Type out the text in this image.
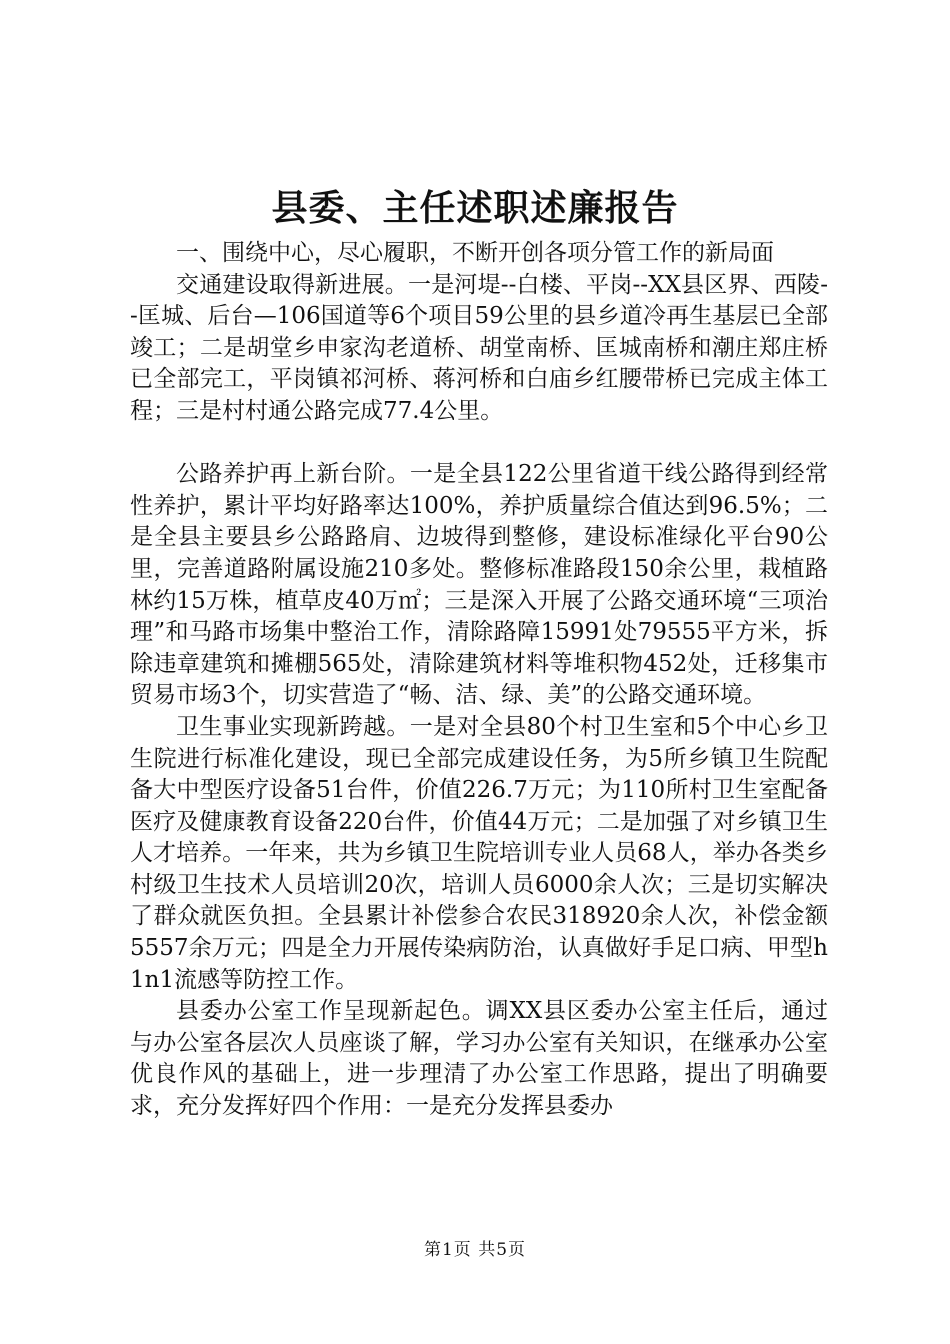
县委、主任述职述廉报告

一、围绕中心，尽心履职，不断开创各项分管工作的新局面

交通建设取得新进展。一是河堤--白楼、平岗--XX县区界、西陵--匡城、后台—106国道等6个项目59公里的县乡道冷再生基层已全部竣工；二是胡堂乡申家沟老道桥、胡堂南桥、匡城南桥和潮庄郑庄桥已全部完工，平岗镇祁河桥、蒋河桥和白庙乡红腰带桥已完成主体工程；三是村村通公路完成77.4公里。

公路养护再上新台阶。一是全县122公里省道干线公路得到经常性养护，累计平均好路率达100%，养护质量综合值达到96.5%；二是全县主要县乡公路路肩、边坡得到整修，建设标准绿化平台90公里，完善道路附属设施210多处。整修标准路段150余公里，栽植路林约15万株，植草皮40万㎡；三是深入开展了公路交通环境“三项治理”和马路市场集中整治工作，清除路障15991处79555平方米，拆除违章建筑和摊棚565处，清除建筑材料等堆积物452处，迁移集市贸易市场3个，切实营造了“畅、洁、绿、美”的公路交通环境。

卫生事业实现新跨越。一是对全县80个村卫生室和5个中心乡卫生院进行标准化建设，现已全部完成建设任务，为5所乡镇卫生院配备大中型医疗设备51台件，价值226.7万元；为110所村卫生室配备医疗及健康教育设备220台件，价值44万元；二是加强了对乡镇卫生人才培养。一年来，共为乡镇卫生院培训专业人员68人，举办各类乡村级卫生技术人员培训20次，培训人员6000余人次；三是切实解决了群众就医负担。全县累计补偿参合农民318920余人次，补偿金额5557余万元；四是全力开展传染病防治，认真做好手足口病、甲型h1n1流感等防控工作。

县委办公室工作呈现新起色。调XX县区委办公室主任后，通过与办公室各层次人员座谈了解，学习办公室有关知识，在继承办公室优良作风的基础上，进一步理清了办公室工作思路，提出了明确要求，充分发挥好四个作用：一是充分发挥县委办

第1页 共5页
